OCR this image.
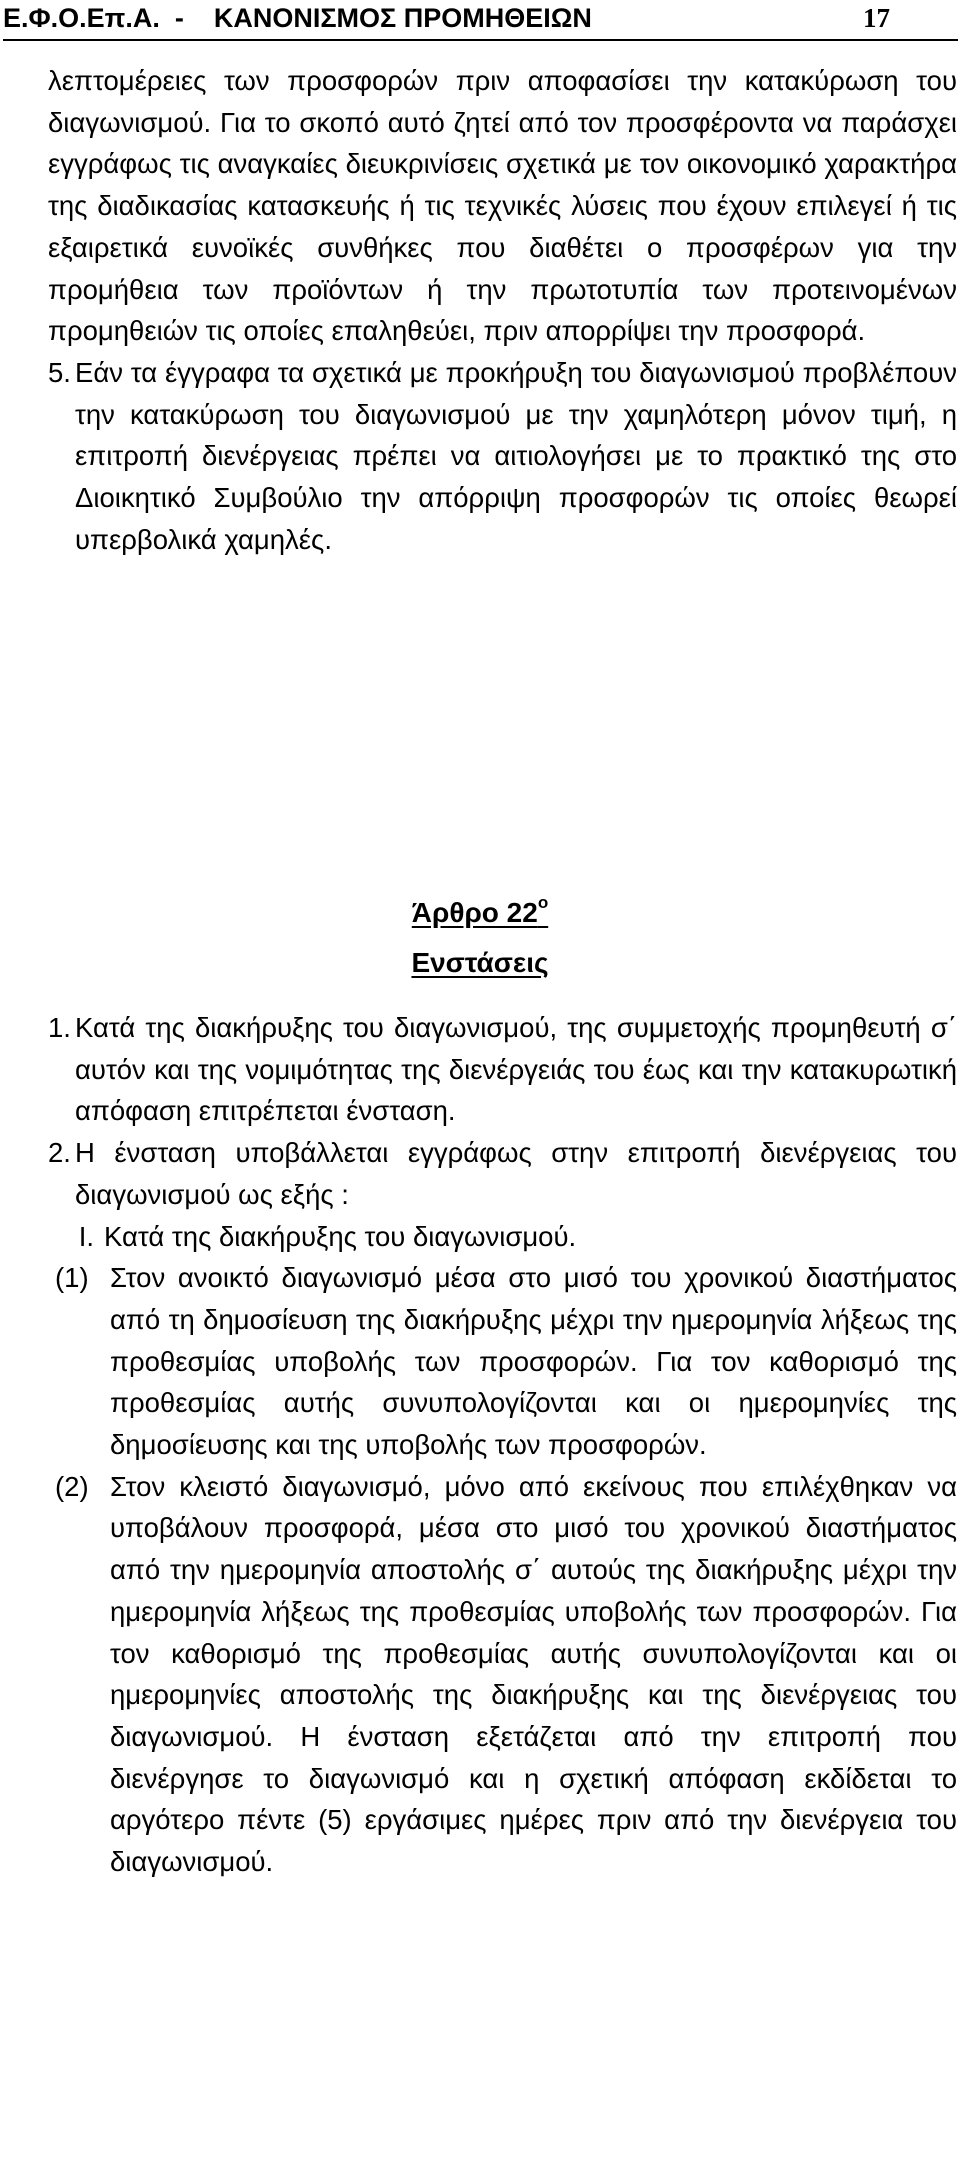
Ε.Φ.Ο.Επ.Α.  -    ΚΑΝΟΝΙΣΜΟΣ ΠΡΟΜΗΘΕΙΩΝ	17

λεπτομέρειες των προσφορών πριν αποφασίσει την κατακύρωση του διαγωνισμού. Για το σκοπό αυτό ζητεί από τον προσφέροντα να παράσχει εγγράφως τις αναγκαίες διευκρινίσεις σχετικά με τον οικονομικό χαρακτήρα της διαδικασίας κατασκευής ή τις τεχνικές λύσεις που έχουν επιλεγεί ή τις εξαιρετικά ευνοϊκές συνθήκες που διαθέτει ο προσφέρων για την προμήθεια των προϊόντων ή την πρωτοτυπία των προτεινομένων προμηθειών τις οποίες επαληθεύει, πριν απορρίψει την προσφορά.

5. Εάν τα έγγραφα τα σχετικά με προκήρυξη του διαγωνισμού προβλέπουν την κατακύρωση του διαγωνισμού με την χαμηλότερη μόνον τιμή, η επιτροπή διενέργειας πρέπει να αιτιολογήσει με το πρακτικό της στο Διοικητικό Συμβούλιο την απόρριψη προσφορών τις οποίες θεωρεί υπερβολικά χαμηλές.
Άρθρο $22^o$
Ενστάσεις
1. Κατά της διακήρυξης του διαγωνισμού, της συμμετοχής προμηθευτή σ΄ αυτόν και της νομιμότητας της διενέργειάς του έως και την κατακυρωτική απόφαση επιτρέπεται ένσταση.
2. Η ένσταση υποβάλλεται εγγράφως στην επιτροπή διενέργειας του διαγωνισμού ως εξής :
Ι. Κατά της διακήρυξης του διαγωνισμού.
(1) Στον ανοικτό διαγωνισμό μέσα στο μισό του χρονικού διαστήματος από τη δημοσίευση της διακήρυξης μέχρι την ημερομηνία λήξεως της προθεσμίας υποβολής των προσφορών. Για τον καθορισμό της προθεσμίας αυτής συνυπολογίζονται και οι ημερομηνίες της δημοσίευσης και της υποβολής των προσφορών.
(2) Στον κλειστό διαγωνισμό, μόνο από εκείνους που επιλέχθηκαν να υποβάλουν προσφορά, μέσα στο μισό του χρονικού διαστήματος από την ημερομηνία αποστολής σ΄ αυτούς της διακήρυξης μέχρι την ημερομηνία λήξεως της προθεσμίας υποβολής των προσφορών. Για τον καθορισμό της προθεσμίας αυτής συνυπολογίζονται και οι ημερομηνίες αποστολής της διακήρυξης και της διενέργειας του διαγωνισμού. Η ένσταση εξετάζεται από την επιτροπή που διενέργησε το διαγωνισμό και η σχετική απόφαση εκδίδεται το αργότερο πέντε (5) εργάσιμες ημέρες πριν από την διενέργεια του διαγωνισμού.
